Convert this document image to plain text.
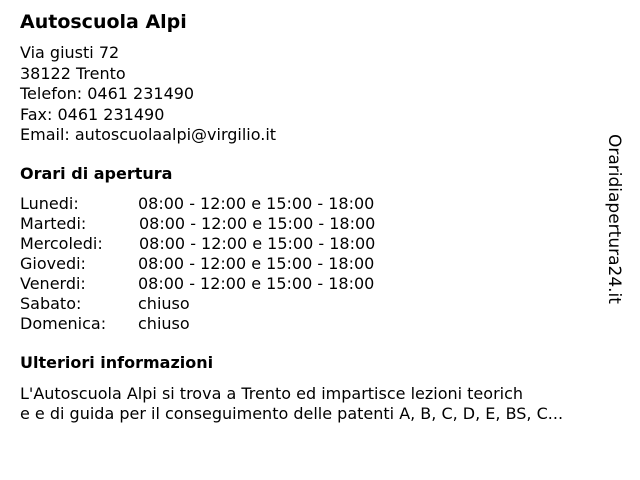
Autoscuola Alpi
Via giusti 72
38122 Trento
Telefon: 0461 231490
Fax: 0461 231490
Email: autoscuolaalpi@virgilio.it
Orari di apertura
Lunedi:	08:00 - 12:00 e 15:00 - 18:00
Martedi:	08:00 - 12:00 e 15:00 - 18:00
Mercoledi: 08:00 - 12:00 e 15:00 - 18:00
Giovedi:	08:00 - 12:00 e 15:00 - 18:00
Venerdi:	08:00 - 12:00 e 15:00 - 18:00
Sabato:	chiuso
Domenica: chiuso
Ulteriori informazioni
L'Autoscuola Alpi si trova a Trento ed impartisce lezioni teorich
e e di guida per il conseguimento delle patenti A, B, C, D, E, BS, C...
Oraridiapertura24.it
